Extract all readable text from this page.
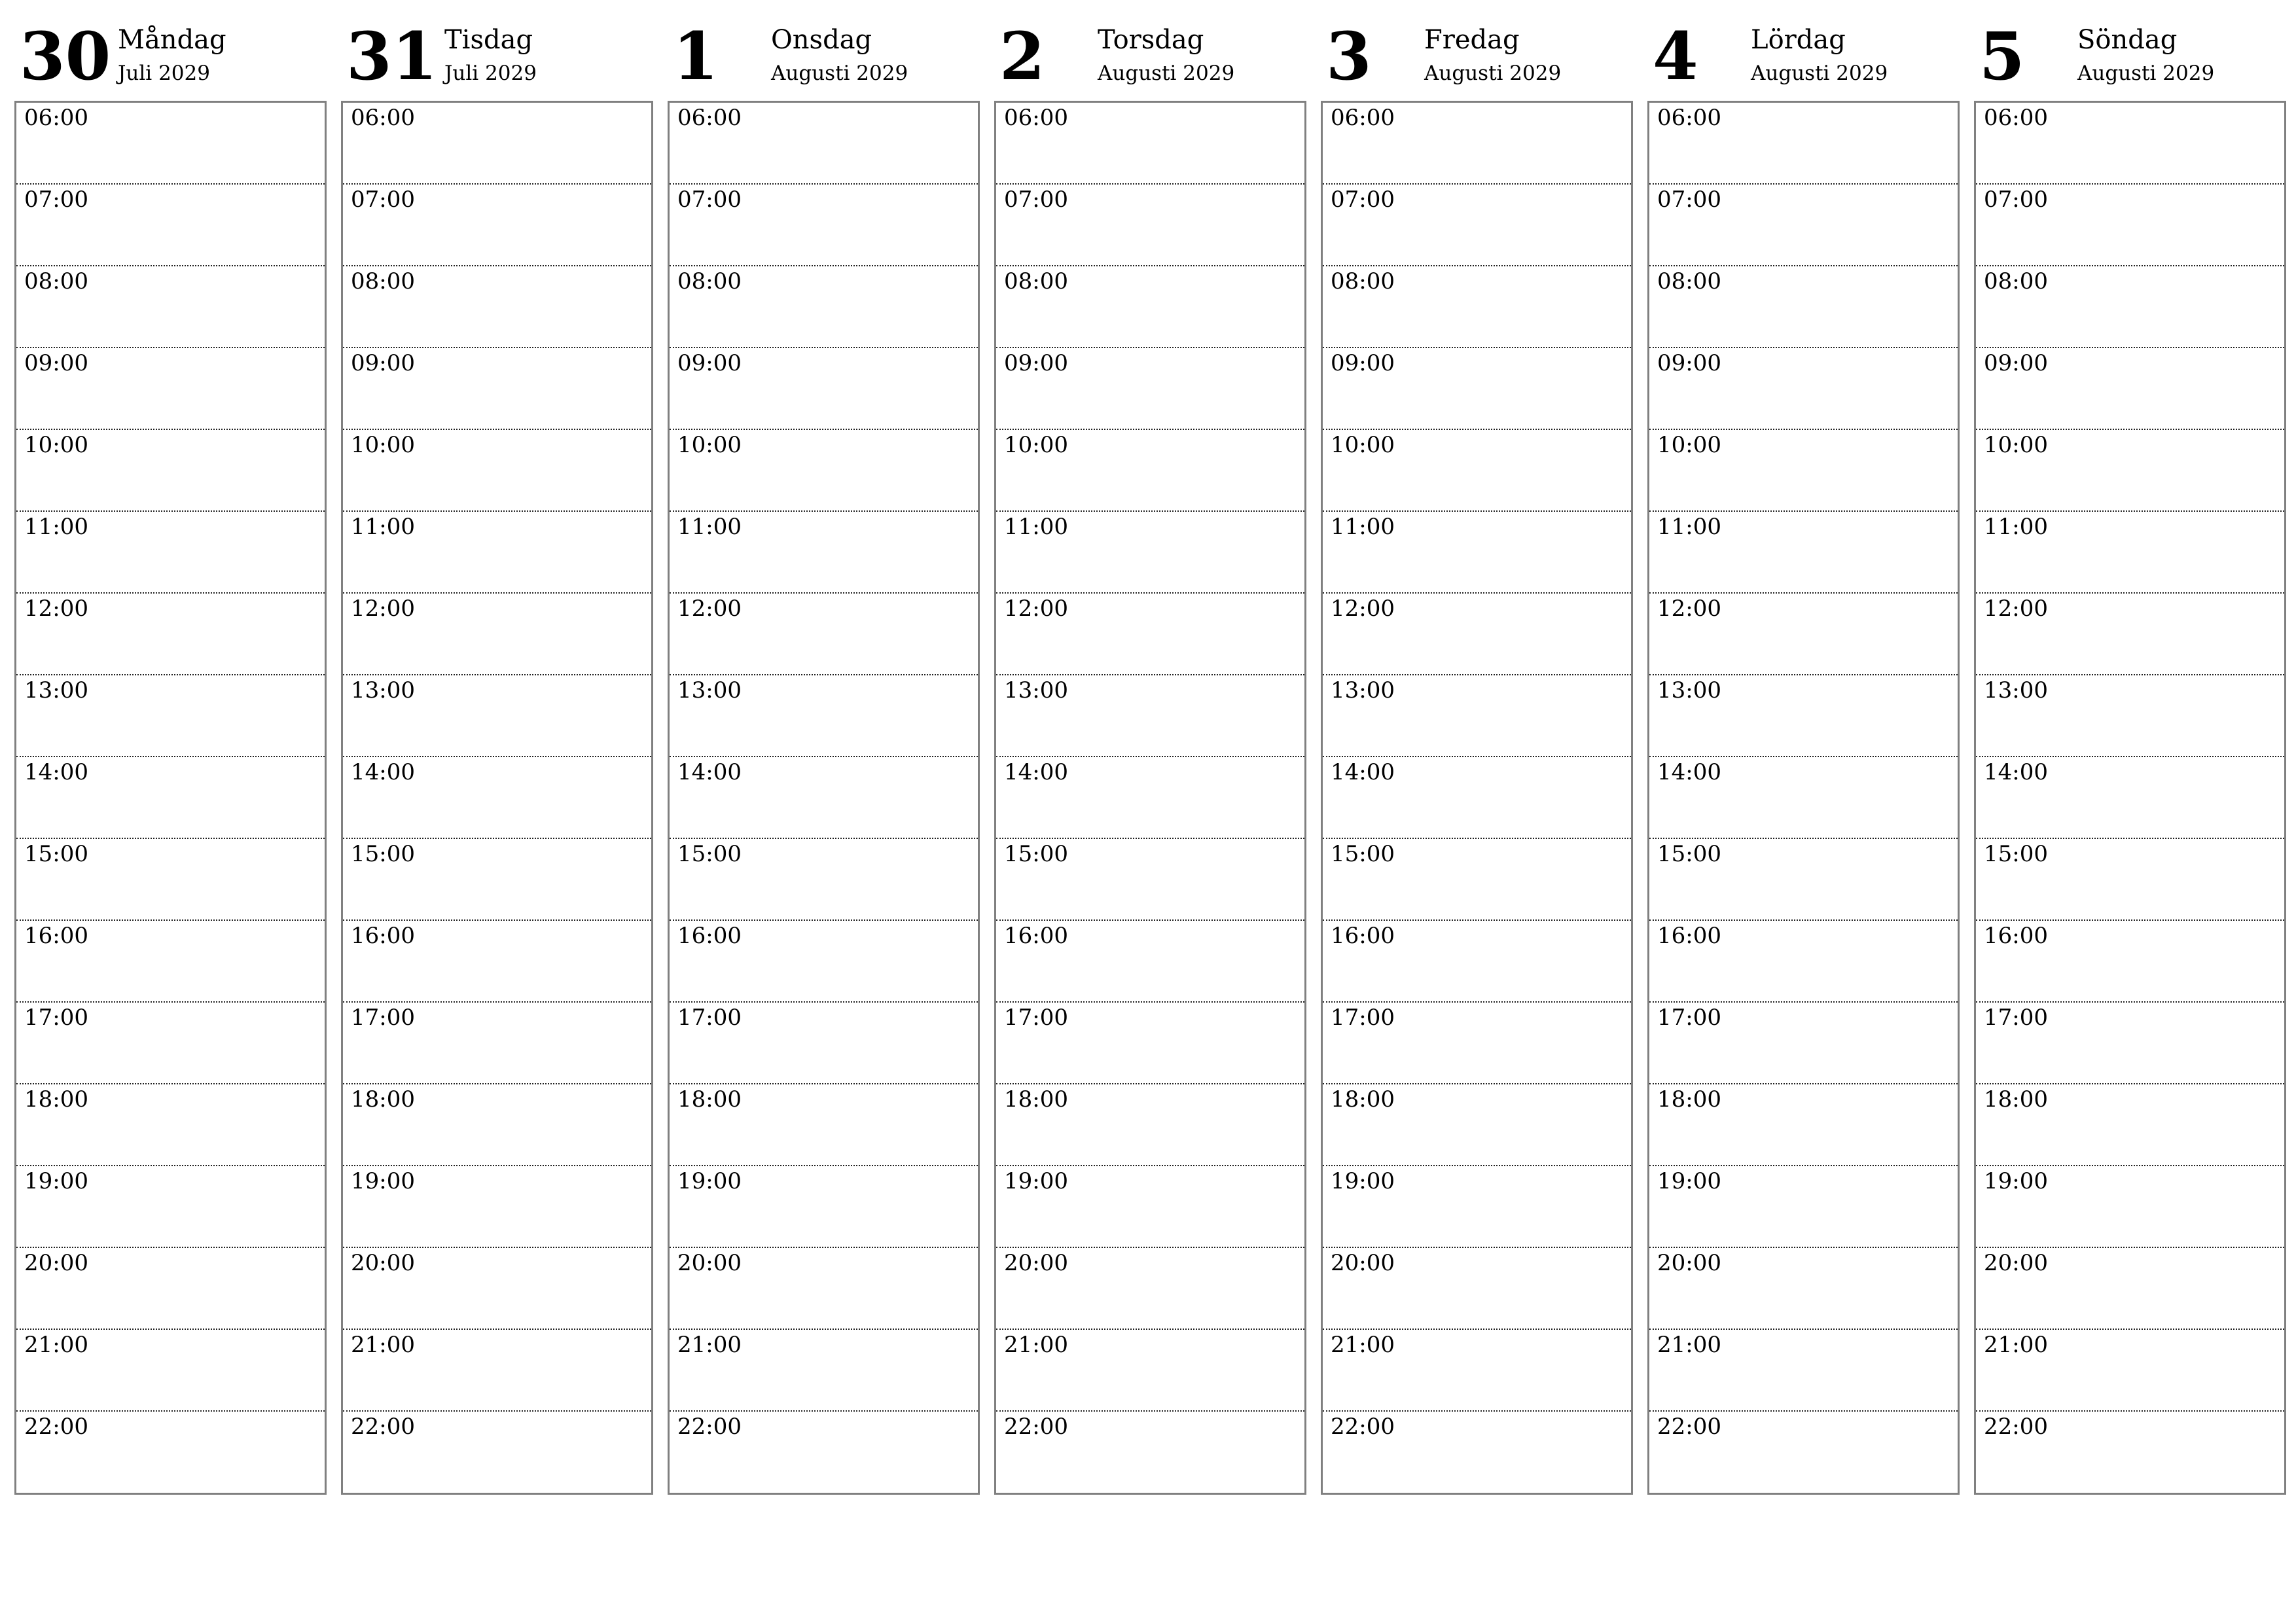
30 Måndag
Juli 2029
06:00
07:00
08:00
09:00
10:00
11:00
12:00
13:00
14:00
15:00
16:00
17:00
18:00
19:00
20:00
21:00
22:00
31 Tisdag
Juli 2029
06:00
07:00
08:00
09:00
10:00
11:00
12:00
13:00
14:00
15:00
16:00
17:00
18:00
19:00
20:00
21:00
22:00
1 Onsdag
Augusti 2029
06:00
07:00
08:00
09:00
10:00
11:00
12:00
13:00
14:00
15:00
16:00
17:00
18:00
19:00
20:00
21:00
22:00
2 Torsdag
Augusti 2029
06:00
07:00
08:00
09:00
10:00
11:00
12:00
13:00
14:00
15:00
16:00
17:00
18:00
19:00
20:00
21:00
22:00
3 Fredag
Augusti 2029
06:00
07:00
08:00
09:00
10:00
11:00
12:00
13:00
14:00
15:00
16:00
17:00
18:00
19:00
20:00
21:00
22:00
4 Lördag
Augusti 2029
06:00
07:00
08:00
09:00
10:00
11:00
12:00
13:00
14:00
15:00
16:00
17:00
18:00
19:00
20:00
21:00
22:00
5 Söndag
Augusti 2029
06:00
07:00
08:00
09:00
10:00
11:00
12:00
13:00
14:00
15:00
16:00
17:00
18:00
19:00
20:00
21:00
22:00
